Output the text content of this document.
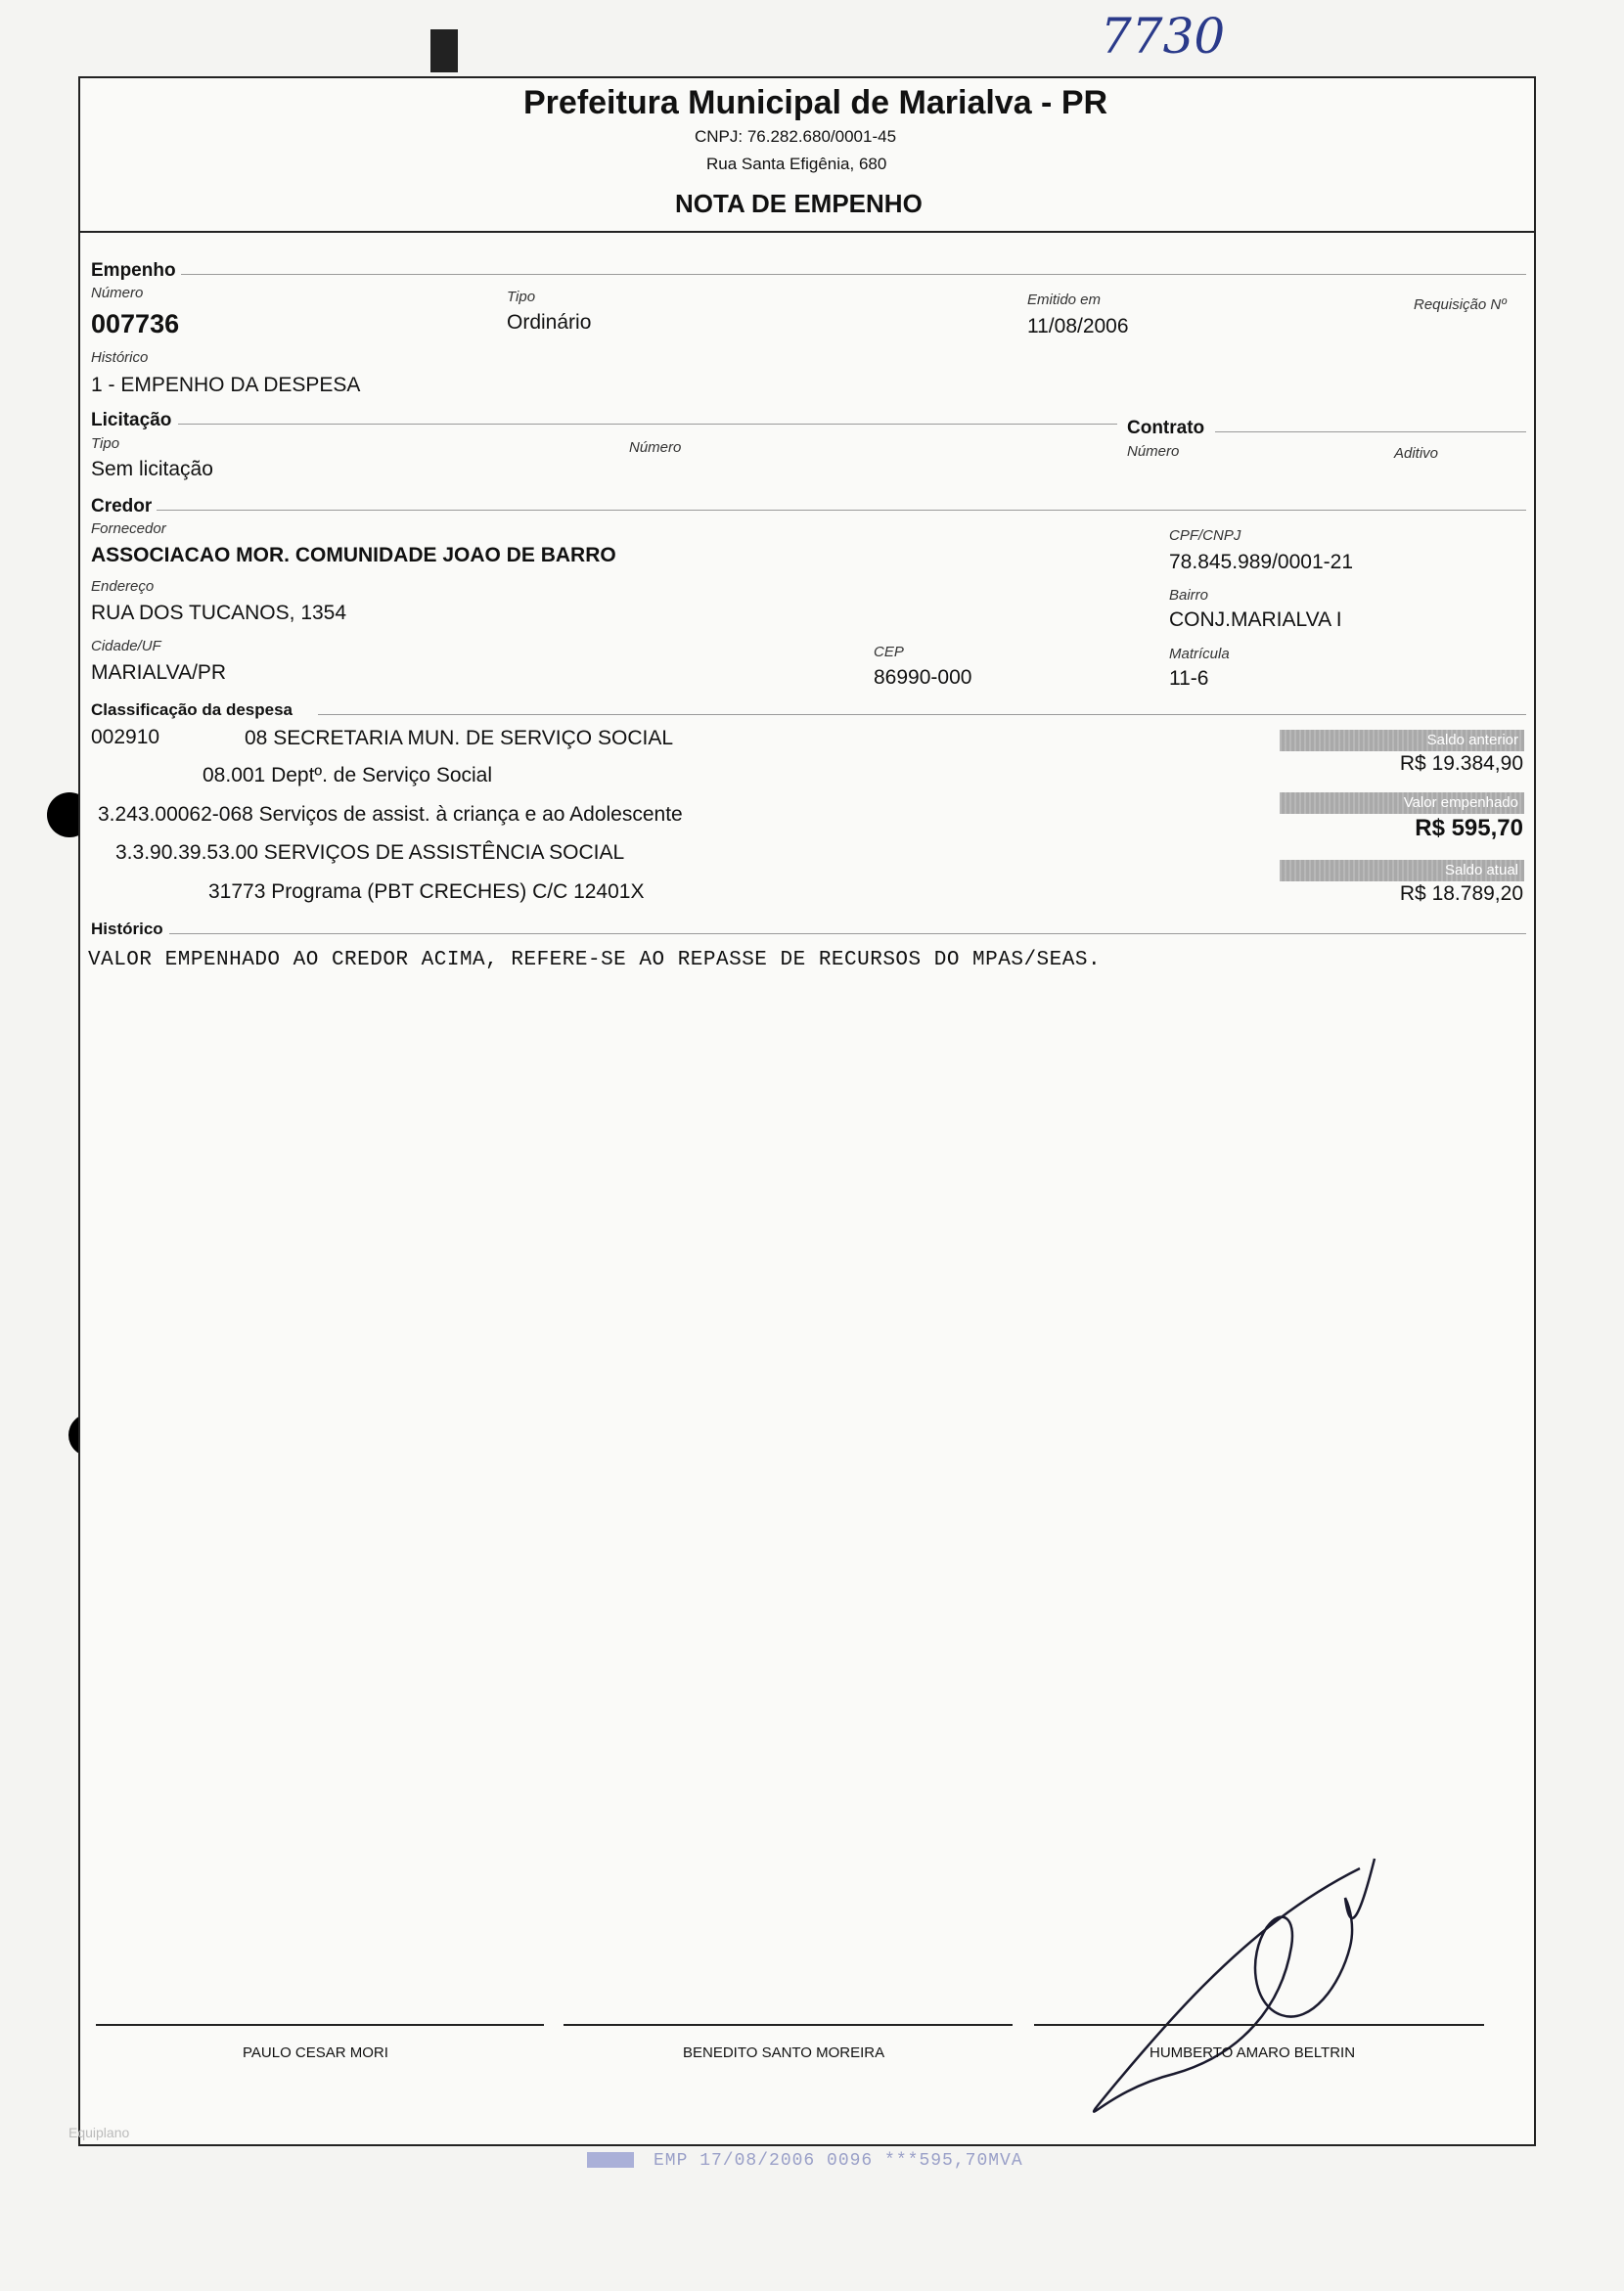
7730
Prefeitura Municipal de Marialva - PR
CNPJ: 76.282.680/0001-45
Rua Santa Efigênia, 680
NOTA DE EMPENHO
Empenho
Número
007736
Tipo
Ordinário
Emitido em
11/08/2006
Requisição Nº
Histórico
1 - EMPENHO DA DESPESA
Licitação
Tipo
Sem licitação
Número
Contrato
Número	Aditivo
Credor
Fornecedor
ASSOCIACAO MOR. COMUNIDADE JOAO DE BARRO
CPF/CNPJ
78.845.989/0001-21
Endereço
RUA DOS TUCANOS, 1354
Bairro
CONJ.MARIALVA I
Cidade/UF
MARIALVA/PR
CEP
86990-000
Matrícula
11-6
Classificação da despesa
002910	08 SECRETARIA MUN. DE SERVIÇO SOCIAL
08.001 Deptº. de Serviço Social
3.243.00062-068 Serviços de assist. à criança e ao Adolescente
3.3.90.39.53.00 SERVIÇOS DE ASSISTÊNCIA SOCIAL
31773 Programa (PBT CRECHES) C/C 12401X
Saldo anterior
R$ 19.384,90
Valor empenhado
R$ 595,70
Saldo atual
R$ 18.789,20
Histórico
VALOR EMPENHADO AO CREDOR ACIMA, REFERE-SE AO REPASSE DE RECURSOS DO MPAS/SEAS.
PAULO CESAR MORI	BENEDITO SANTO MOREIRA	HUMBERTO AMARO BELTRIN
Equiplano
EMP 17/08/2006 0096 ***595,70MVA
